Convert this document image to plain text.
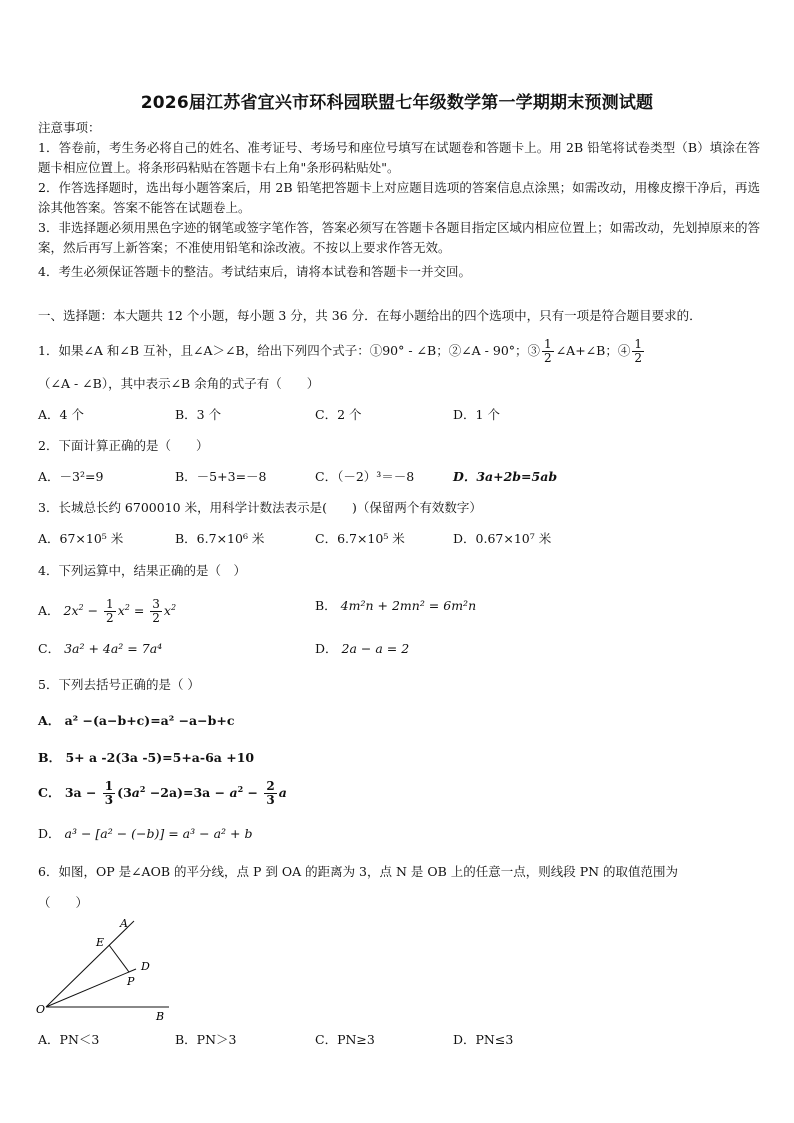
2026届江苏省宜兴市环科园联盟七年级数学第一学期期末预测试题
注意事项：
1．答卷前，考生务必将自己的姓名、准考证号、考场号和座位号填写在试题卷和答题卡上。用 2B 铅笔将试卷类型（B）填涂在答题卡相应位置上。将条形码粘贴在答题卡右上角"条形码粘贴处"。
2．作答选择题时，选出每小题答案后，用 2B 铅笔把答题卡上对应题目选项的答案信息点涂黑；如需改动，用橡皮擦干净后，再选涂其他答案。答案不能答在试题卷上。
3．非选择题必须用黑色字迹的钢笔或签字笔作答，答案必须写在答题卡各题目指定区域内相应位置上；如需改动，先划掉原来的答案，然后再写上新答案；不准使用铅笔和涂改液。不按以上要求作答无效。
4．考生必须保证答题卡的整洁。考试结束后，请将本试卷和答题卡一并交回。
一、选择题：本大题共 12 个小题，每小题 3 分，共 36 分．在每小题给出的四个选项中，只有一项是符合题目要求的．
1．如果∠A 和∠B 互补，且∠A＞∠B，给出下列四个式子：①90° - ∠B；②∠A - 90°；③ $\frac{1}{2}$ ∠A+∠B；④ $\frac{1}{2}$
（∠A - ∠B），其中表示∠B 余角的式子有（　　）
A．4 个	B．3 个	C．2 个	D．1 个
2．下面计算正确的是（　　）
A．－3²=9	B．－5+3=－8	C．（－2）³＝－8	D．3a+2b=5ab
3．长城总长约 6700010 米，用科学计数法表示是(　　)（保留两个有效数字）
A．67×10⁵ 米	B．6.7×10⁶ 米	C．6.7×10⁵ 米	D．0.67×10⁷ 米
4．下列运算中，结果正确的是（　）
A． $2x^2 - \frac{1}{2} x^2 = \frac{3}{2} x^2$	B． 4m²n + 2mn² = 6m²n
C． 3a² + 4a² = 7a⁴	D． 2a − a = 2
5．下列去括号正确的是（ ）
A． a² −(a−b+c)=a² −a−b+c
B． 5+ a -2(3a -5)=5+a-6a +10
C． $3a - \frac{1}{3} (3a^2 -2a)=3a - a^2 - \frac{2}{3}$ a
D． a³ − [a² − (−b)] = a³ − a² + b
6．如图，OP 是∠AOB 的平分线，点 P 到 OA 的距离为 3，点 N 是 OB 上的任意一点，则线段 PN 的取值范围为
（　　）
A
E
D
P
O
B
A．PN＜3	B．PN＞3	C．PN≥3	D．PN≤3
